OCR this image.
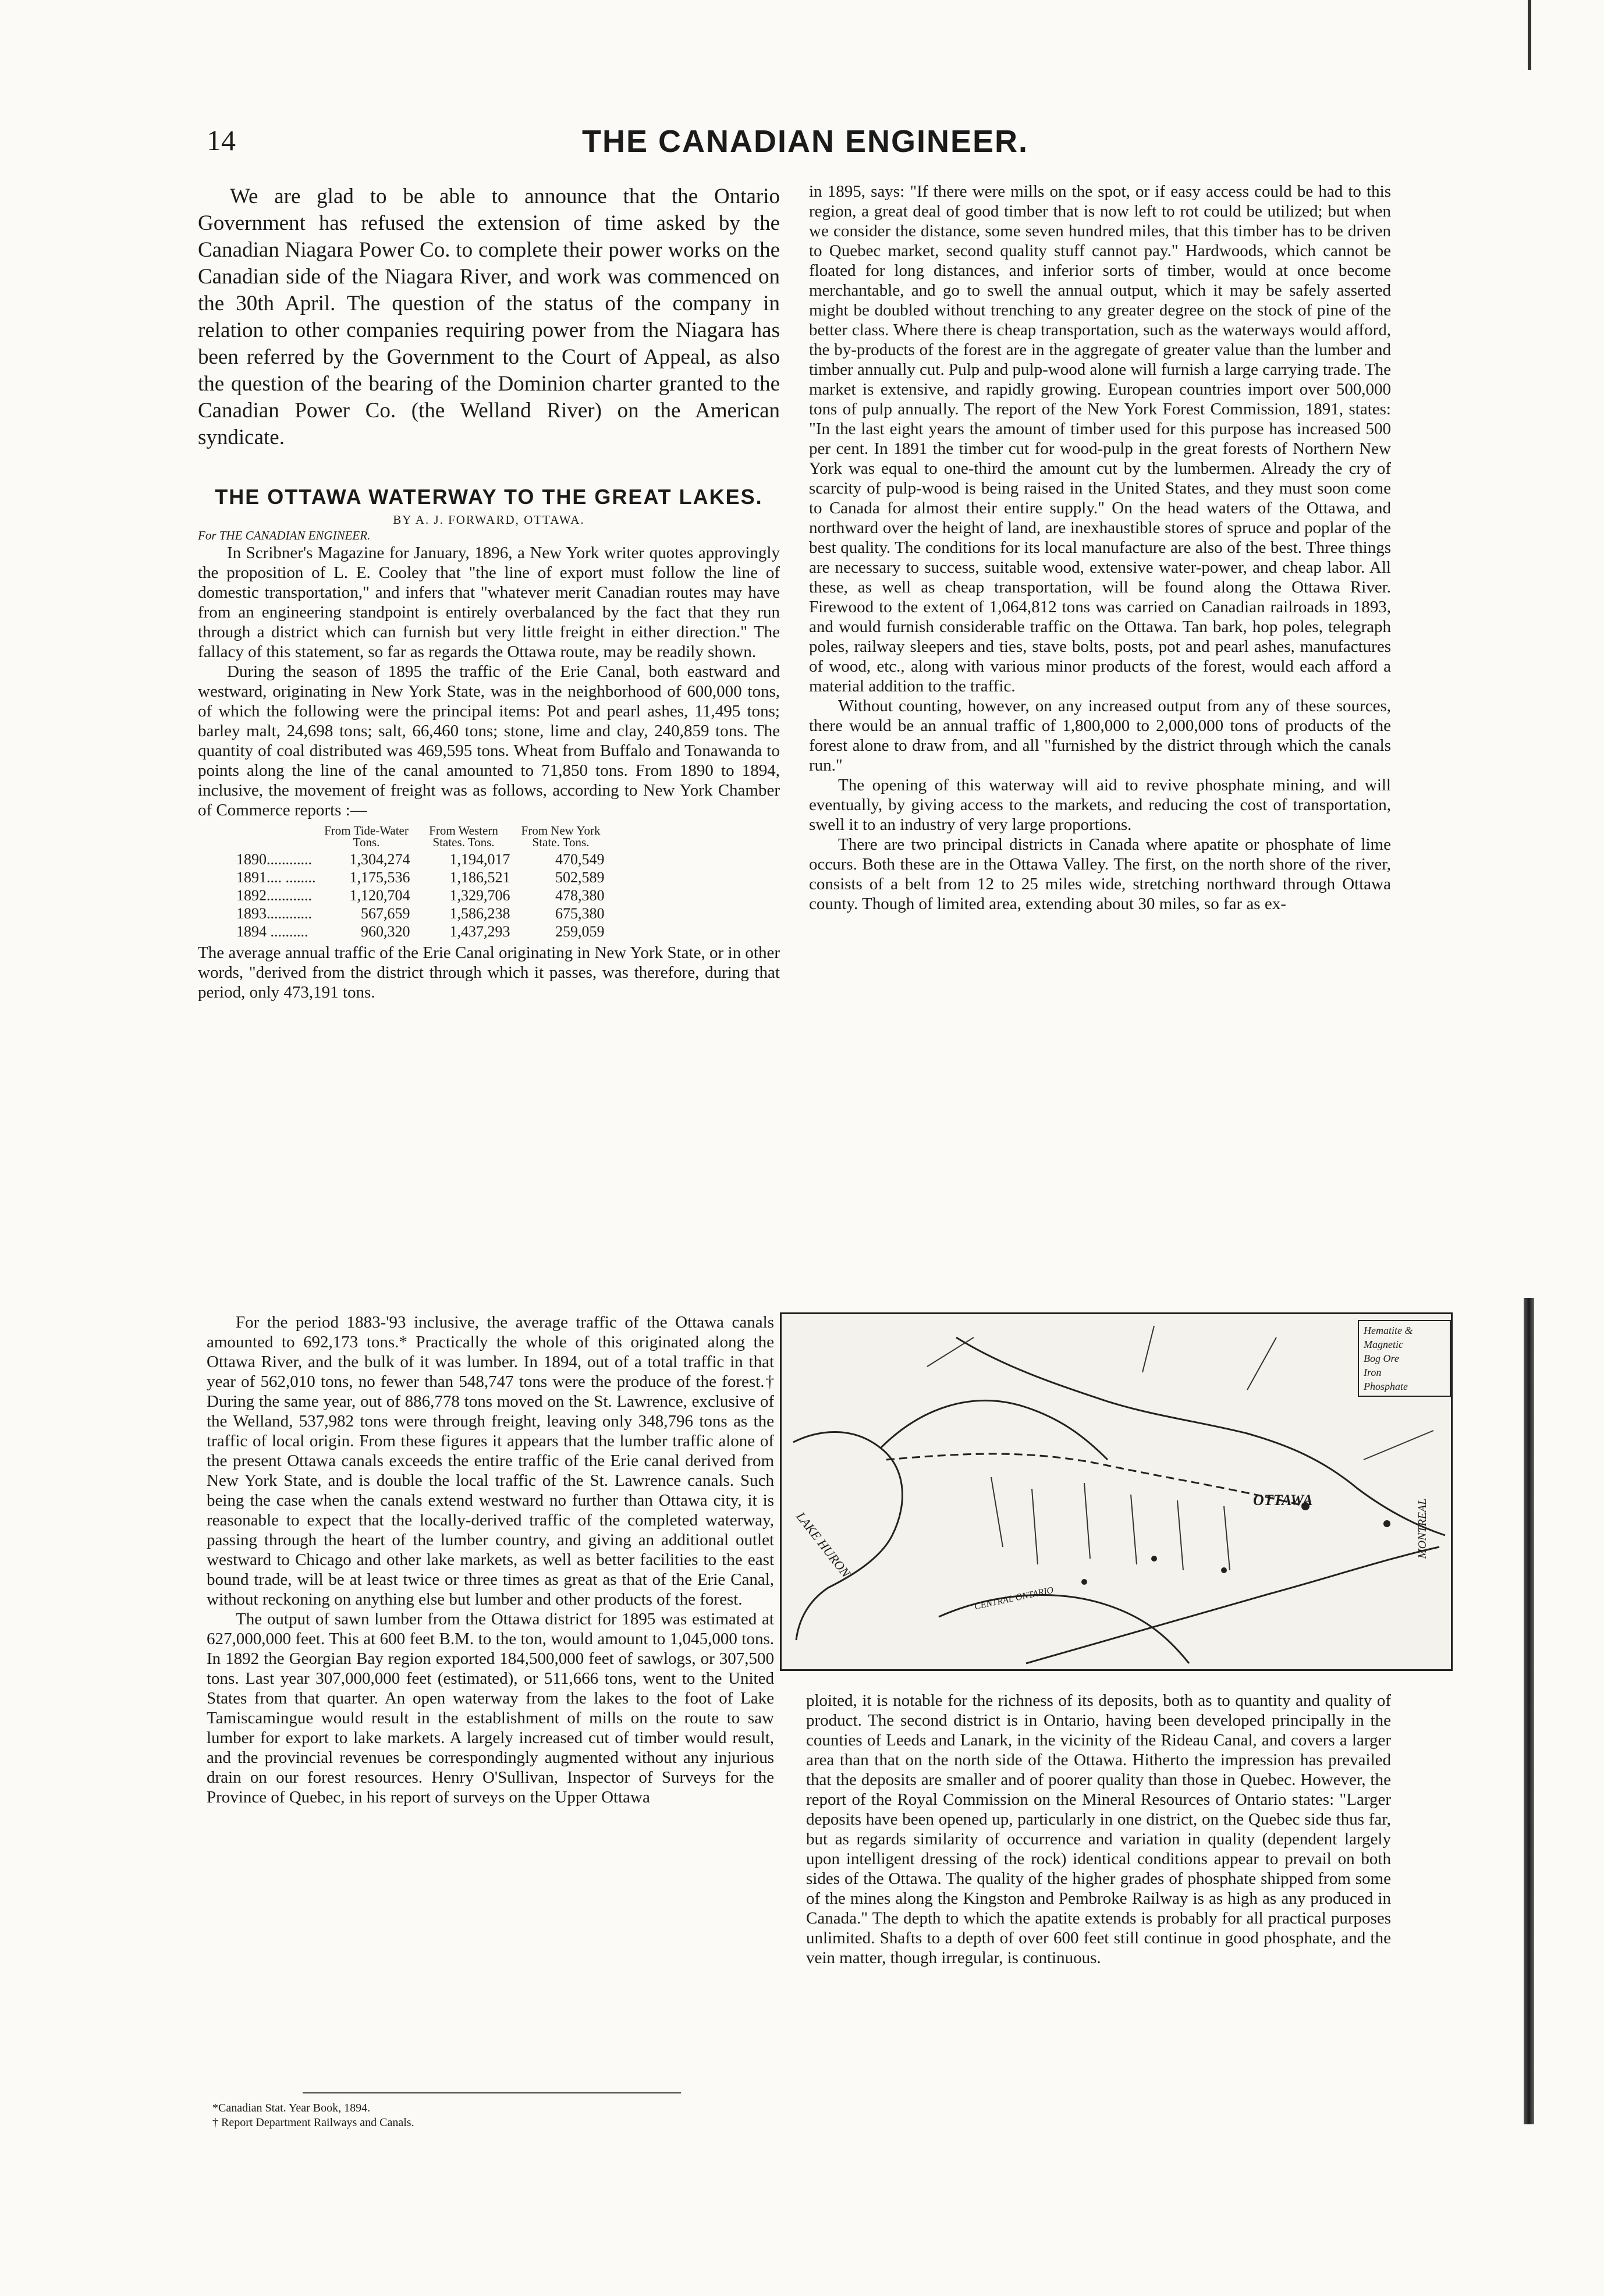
14	THE CANADIAN ENGINEER.

We are glad to be able to announce that the Ontario Government has refused the extension of time asked by the Canadian Niagara Power Co. to complete their power works on the Canadian side of the Niagara River, and work was commenced on the 30th April. The question of the status of the company in relation to other companies requiring power from the Niagara has been referred by the Government to the Court of Appeal, as also the question of the bearing of the Dominion charter granted to the Canadian Power Co. (the Welland River) on the American syndicate.

THE OTTAWA WATERWAY TO THE GREAT LAKES.

BY A. J. FORWARD, OTTAWA.

For THE CANADIAN ENGINEER.

In Scribner's Magazine for January, 1896, a New York writer quotes approvingly the proposition of L. E. Cooley that "the line of export must follow the line of domestic transportation," and infers that "whatever merit Canadian routes may have from an engineering standpoint is entirely overbalanced by the fact that they run through a district which can furnish but very little freight in either direction." The fallacy of this statement, so far as regards the Ottawa route, may be readily shown.

During the season of 1895 the traffic of the Erie Canal, both eastward and westward, originating in New York State, was in the neighborhood of 600,000 tons, of which the following were the principal items: Pot and pearl ashes, 11,495 tons; barley malt, 24,698 tons; salt, 66,460 tons; stone, lime and clay, 240,859 tons. The quantity of coal distributed was 469,595 tons. Wheat from Buffalo and Tonawanda to points along the line of the canal amounted to 71,850 tons. From 1890 to 1894, inclusive, the movement of freight was as follows, according to New York Chamber of Commerce reports :—

	From Tide-Water Tons.	From Western States. Tons.	From New York State. Tons.
1890............	1,304,274	1,194,017	470,549
1891.... ........	1,175,536	1,186,521	502,589
1892............	1,120,704	1,329,706	478,380
1893............	567,659	1,586,238	675,380
1894 ..........	960,320	1,437,293	259,059

The average annual traffic of the Erie Canal originating in New York State, or in other words, "derived from the district through which it passes, was therefore, during that period, only 473,191 tons.

For the period 1883-'93 inclusive, the average traffic of the Ottawa canals amounted to 692,173 tons.* Practically the whole of this originated along the Ottawa River, and the bulk of it was lumber. In 1894, out of a total traffic in that year of 562,010 tons, no fewer than 548,747 tons were the produce of the forest.† During the same year, out of 886,778 tons moved on the St. Lawrence, exclusive of the Welland, 537,982 tons were through freight, leaving only 348,796 tons as the traffic of local origin. From these figures it appears that the lumber traffic alone of the present Ottawa canals exceeds the entire traffic of the Erie canal derived from New York State, and is double the local traffic of the St. Lawrence canals. Such being the case when the canals extend westward no further than Ottawa city, it is reasonable to expect that the locally-derived traffic of the completed waterway, passing through the heart of the lumber country, and giving an additional outlet westward to Chicago and other lake markets, as well as better facilities to the east bound trade, will be at least twice or three times as great as that of the Erie Canal, without reckoning on anything else but lumber and other products of the forest.

The output of sawn lumber from the Ottawa district for 1895 was estimated at 627,000,000 feet. This at 600 feet B.M. to the ton, would amount to 1,045,000 tons. In 1892 the Georgian Bay region exported 184,500,000 feet of sawlogs, or 307,500 tons. Last year 307,000,000 feet (estimated), or 511,666 tons, went to the United States from that quarter. An open waterway from the lakes to the foot of Lake Tamiscamingue would result in the establishment of mills on the route to saw lumber for export to lake markets. A largely increased cut of timber would result, and the provincial revenues be correspondingly augmented without any injurious drain on our forest resources. Henry O'Sullivan, Inspector of Surveys for the Province of Quebec, in his report of surveys on the Upper Ottawa

*Canadian Stat. Year Book, 1894.

† Report Department Railways and Canals.

in 1895, says: "If there were mills on the spot, or if easy access could be had to this region, a great deal of good timber that is now left to rot could be utilized; but when we consider the distance, some seven hundred miles, that this timber has to be driven to Quebec market, second quality stuff cannot pay." Hardwoods, which cannot be floated for long distances, and inferior sorts of timber, would at once become merchantable, and go to swell the annual output, which it may be safely asserted might be doubled without trenching to any greater degree on the stock of pine of the better class. Where there is cheap transportation, such as the waterways would afford, the by-products of the forest are in the aggregate of greater value than the lumber and timber annually cut. Pulp and pulp-wood alone will furnish a large carrying trade. The market is extensive, and rapidly growing. European countries import over 500,000 tons of pulp annually. The report of the New York Forest Commission, 1891, states: "In the last eight years the amount of timber used for this purpose has increased 500 per cent. In 1891 the timber cut for wood-pulp in the great forests of Northern New York was equal to one-third the amount cut by the lumbermen. Already the cry of scarcity of pulp-wood is being raised in the United States, and they must soon come to Canada for almost their entire supply." On the head waters of the Ottawa, and northward over the height of land, are inexhaustible stores of spruce and poplar of the best quality. The conditions for its local manufacture are also of the best. Three things are necessary to success, suitable wood, extensive water-power, and cheap labor. All these, as well as cheap transportation, will be found along the Ottawa River. Firewood to the extent of 1,064,812 tons was carried on Canadian railroads in 1893, and would furnish considerable traffic on the Ottawa. Tan bark, hop poles, telegraph poles, railway sleepers and ties, stave bolts, posts, pot and pearl ashes, manufactures of wood, etc., along with various minor products of the forest, would each afford a material addition to the traffic.

Without counting, however, on any increased output from any of these sources, there would be an annual traffic of 1,800,000 to 2,000,000 tons of products of the forest alone to draw from, and all "furnished by the district through which the canals run."

The opening of this waterway will aid to revive phosphate mining, and will eventually, by giving access to the markets, and reducing the cost of transportation, swell it to an industry of very large proportions.

There are two principal districts in Canada where apatite or phosphate of lime occurs. Both these are in the Ottawa Valley. The first, on the north shore of the river, consists of a belt from 12 to 25 miles wide, stretching northward through Ottawa county. Though of limited area, extending about 30 miles, so far as ex-

OTTAWA
LAKE HURON
CENTRAL ONTARIO
MONTREAL
Hematite &
Magnetic
Bog Ore
Iron
Phosphate

ploited, it is notable for the richness of its deposits, both as to quantity and quality of product. The second district is in Ontario, having been developed principally in the counties of Leeds and Lanark, in the vicinity of the Rideau Canal, and covers a larger area than that on the north side of the Ottawa. Hitherto the impression has prevailed that the deposits are smaller and of poorer quality than those in Quebec. However, the report of the Royal Commission on the Mineral Resources of Ontario states: "Larger deposits have been opened up, particularly in one district, on the Quebec side thus far, but as regards similarity of occurrence and variation in quality (dependent largely upon intelligent dressing of the rock) identical conditions appear to prevail on both sides of the Ottawa. The quality of the higher grades of phosphate shipped from some of the mines along the Kingston and Pembroke Railway is as high as any produced in Canada." The depth to which the apatite extends is probably for all practical purposes unlimited. Shafts to a depth of over 600 feet still continue in good phosphate, and the vein matter, though irregular, is continuous.
